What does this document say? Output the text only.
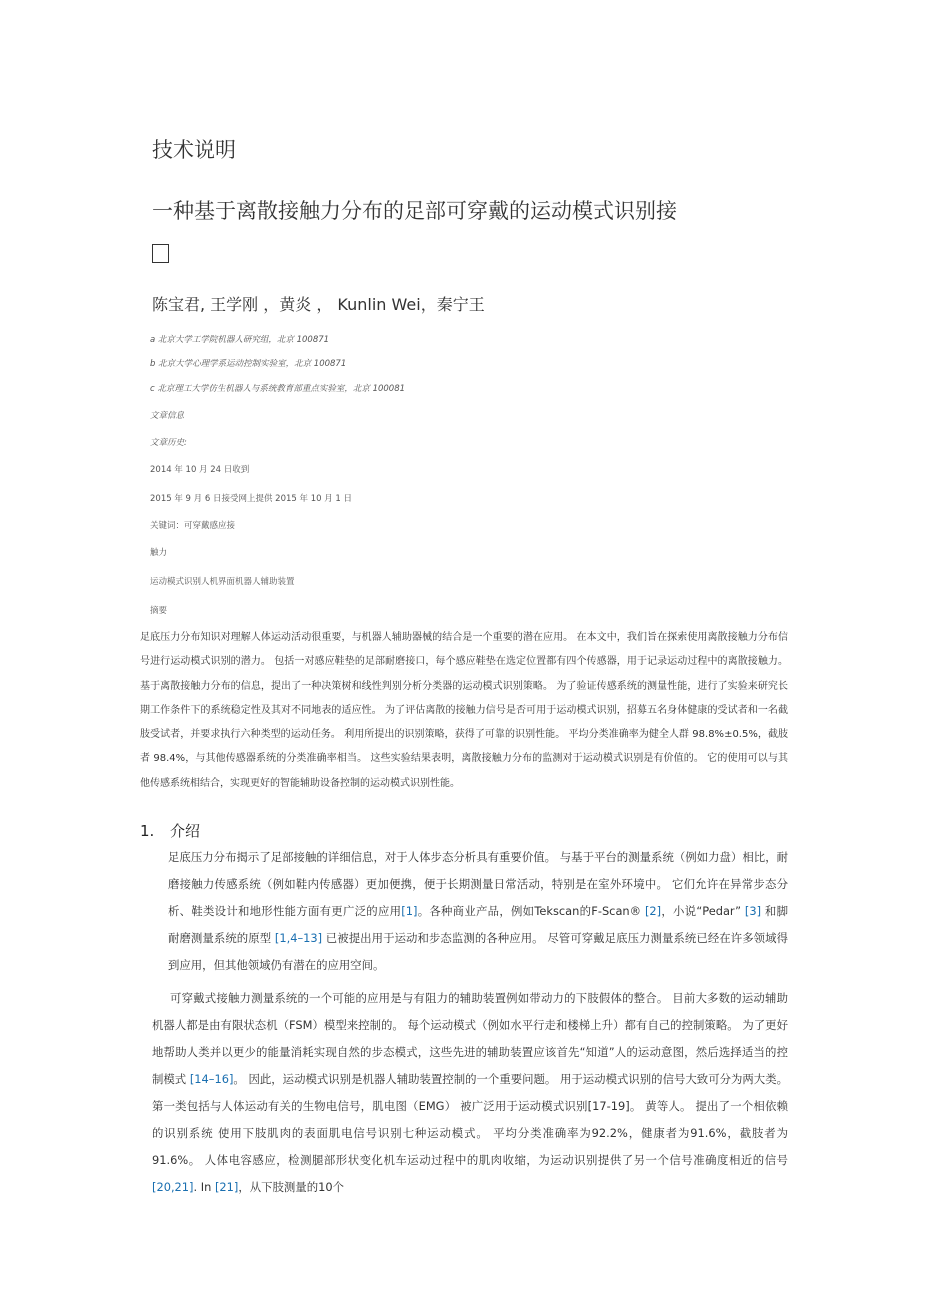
技术说明
一种基于离散接触力分布的足部可穿戴的运动模式识别接
陈宝君, 王学刚 ，黄炎 ， Kunlin Wei，秦宁王
a 北京大学工学院机器人研究组，北京 100871
b 北京大学心理学系运动控制实验室，北京 100871
c 北京理工大学仿生机器人与系统教育部重点实验室，北京 100081
文章信息
文章历史:
2014 年 10 月 24 日收到
2015 年 9 月 6 日接受网上提供 2015 年 10 月 1 日
关键词：可穿戴感应接
触力
运动模式识别人机界面机器人辅助装置
摘要
足底压力分布知识对理解人体运动活动很重要，与机器人辅助器械的结合是一个重要的潜在应用。 在本文中，我们旨在探索使用离散接触力分布信号进行运动模式识别的潜力。 包括一对感应鞋垫的足部耐磨接口，每个感应鞋垫在选定位置都有四个传感器，用于记录运动过程中的离散接触力。 基于离散接触力分布的信息，提出了一种决策树和线性判别分析分类器的运动模式识别策略。 为了验证传感系统的测量性能，进行了实验来研究长期工作条件下的系统稳定性及其对不同地表的适应性。 为了评估离散的接触力信号是否可用于运动模式识别，招募五名身体健康的受试者和一名截肢受试者，并要求执行六种类型的运动任务。 利用所提出的识别策略，获得了可靠的识别性能。 平均分类准确率为健全人群 98.8%±0.5%，截肢者 98.4%，与其他传感器系统的分类准确率相当。 这些实验结果表明，离散接触力分布的监测对于运动模式识别是有价值的。 它的使用可以与其他传感系统相结合，实现更好的智能辅助设备控制的运动模式识别性能。
1. 介绍
足底压力分布揭示了足部接触的详细信息，对于人体步态分析具有重要价值。 与基于平台的测量系统（例如力盘）相比，耐磨接触力传感系统（例如鞋内传感器）更加便携，便于长期测量日常活动，特别是在室外环境中。 它们允许在异常步态分析、鞋类设计和地形性能方面有更广泛的应用[1]。各种商业产品，例如Tekscan的F-Scan® [2]，小说“Pedar” [3] 和脚耐磨测量系统的原型 [1,4–13] 已被提出用于运动和步态监测的各种应用。 尽管可穿戴足底压力测量系统已经在许多领域得到应用，但其他领域仍有潜在的应用空间。
可穿戴式接触力测量系统的一个可能的应用是与有阻力的辅助装置例如带动力的下肢假体的整合。 目前大多数的运动辅助机器人都是由有限状态机（FSM）模型来控制的。 每个运动模式（例如水平行走和楼梯上升）都有自己的控制策略。 为了更好地帮助人类并以更少的能量消耗实现自然的步态模式，这些先进的辅助装置应该首先“知道”人的运动意图，然后选择适当的控制模式 [14–16]。 因此，运动模式识别是机器人辅助装置控制的一个重要问题。 用于运动模式识别的信号大致可分为两大类。 第一类包括与人体运动有关的生物电信号，肌电图（EMG） 被广泛用于运动模式识别[17-19]。 黄等人。 提出了一个相依赖的识别系统 使用下肢肌肉的表面肌电信号识别七种运动模式。 平均分类准确率为92.2%，健康者为91.6%，截肢者为91.6%。 人体电容感应，检测腿部形状变化机车运动过程中的肌肉收缩，为运动识别提供了另一个信号准确度相近的信号[20,21]. In [21]，从下肢测量的10个
